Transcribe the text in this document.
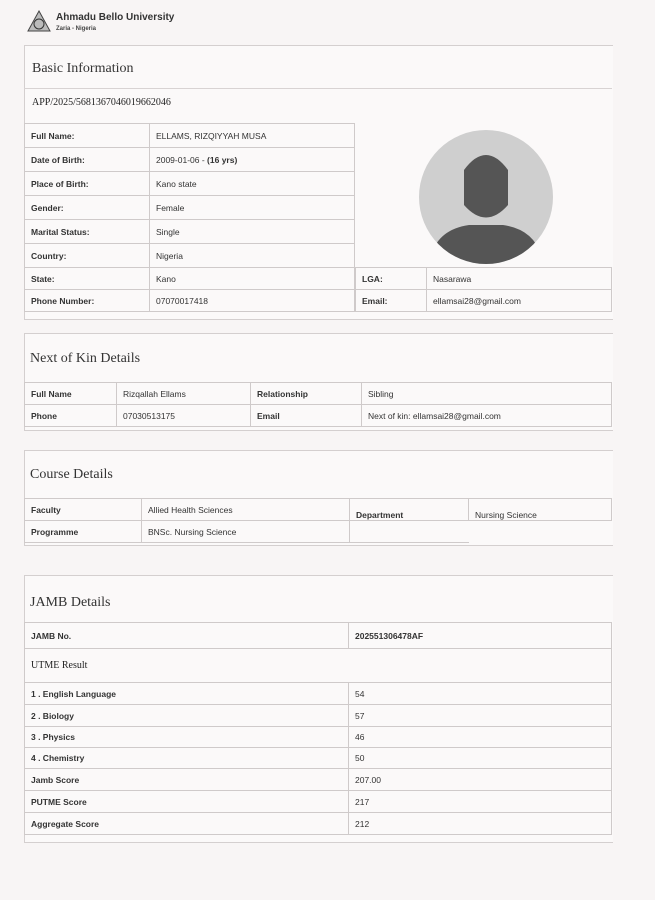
Ahmadu Bello University
Zaria - Nigeria
Basic Information
APP/2025/5681367046019662046
Full Name:	ELLAMS, RIZQIYYAH MUSA
Date of Birth:	2009-01-06 - (16 yrs)
Place of Birth:	Kano state
Gender:	Female
Marital Status:	Single
Country:	Nigeria
State:	Kano
Phone Number:	07070017418
LGA:	Nasarawa
Email:	ellamsai28@gmail.com
Next of Kin Details
Full Name	Rizqallah Ellams	Relationship	Sibling
Phone	07030513175	Email	Next of kin: ellamsai28@gmail.com
Course Details
Faculty	Allied Health Sciences	Department	Nursing Science
Programme	BNSc. Nursing Science		
JAMB Details
JAMB No.	202551306478AF
UTME Result	
1 . English Language	54
2 . Biology	57
3 . Physics	46
4 . Chemistry	50
Jamb Score	207.00
PUTME Score	217
Aggregate Score	212
